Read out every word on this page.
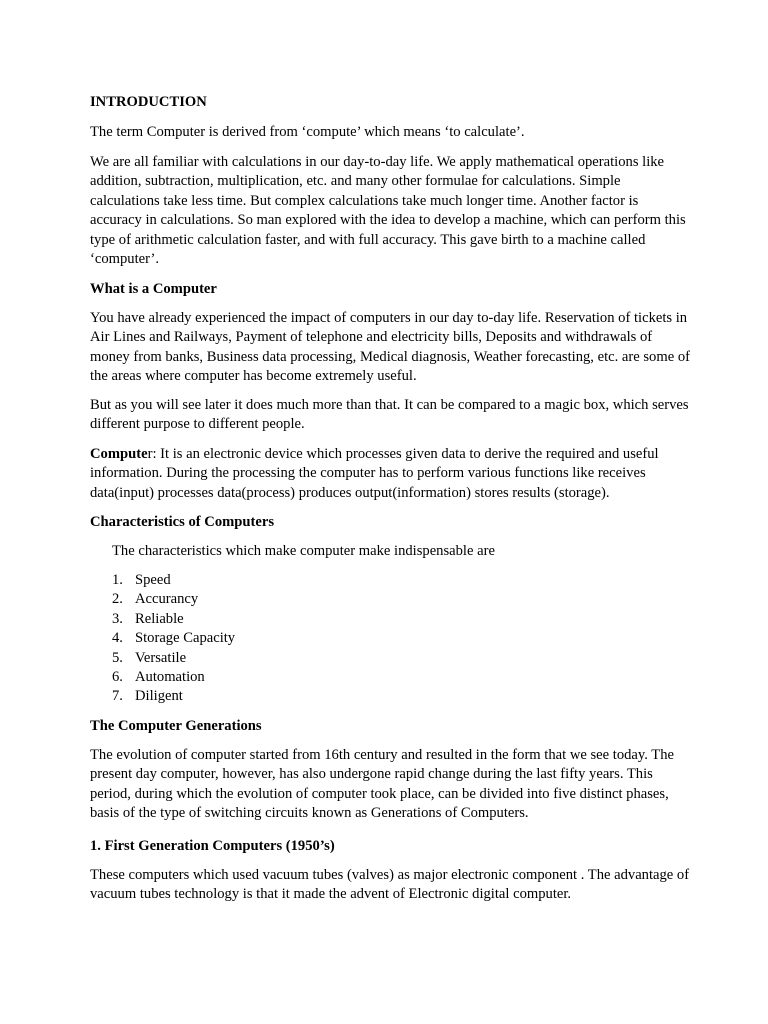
INTRODUCTION

The term Computer is derived from ‘compute’ which means ‘to calculate’.

We are all familiar with calculations in our day-to-day life. We apply mathematical operations like addition, subtraction, multiplication, etc. and many other formulae for calculations. Simple calculations take less time. But complex calculations take much longer time. Another factor is accuracy in calculations. So man explored with the idea to develop a machine, which can perform this type of arithmetic calculation faster, and with full accuracy. This gave birth to a machine called ‘computer’.

What is a Computer

You have already experienced the impact of computers in our day to-day life. Reservation of tickets in Air Lines and Railways, Payment of telephone and electricity bills, Deposits and withdrawals of money from banks, Business data processing, Medical diagnosis, Weather forecasting, etc. are some of the areas where computer has become extremely useful.

But as you will see later it does much more than that. It can be compared to a magic box, which serves different purpose to different people.

Computer: It is an electronic device which processes given data to derive the required and useful information. During the processing the computer has to perform various functions like receives data(input) processes data(process) produces output(information) stores results (storage).

Characteristics of Computers

The characteristics which make computer make indispensable are

1. Speed
2. Accurancy
3. Reliable
4. Storage Capacity
5. Versatile
6. Automation
7. Diligent

The Computer Generations

The evolution of computer started from 16th century and resulted in the form that we see today. The present day computer, however, has also undergone rapid change during the last fifty years. This period, during which the evolution of computer took place, can be divided into five distinct phases, basis of the type of switching circuits known as Generations of Computers.

1. First Generation Computers (1950’s)

These computers which used vacuum tubes (valves) as major electronic component . The advantage of vacuum tubes technology is that it made the advent of Electronic digital computer.
